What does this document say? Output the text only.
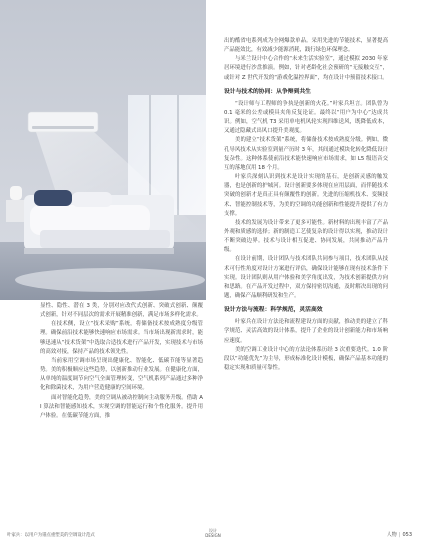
显性、隐性、潜在 3 类，分别对应改代式创新、突破式创新、颠覆式创新，针对不同层次的需求开展精准创新，满足市场多样化需求。

在技术侧，设立“技术采购”系统，将储备技术按成熟度分级管理。确保前沿技术能够快速响应市场需求。当市场出现新需求时，能够迅速从“技术货架”中选取合适技术进行产品开发，实现技术与市场的高效对接，保持产品的技术领先性。

当前家用空调市场呈现出健康化、智能化、低碳节能等显著趋势。美的积极顺应这些趋势，以创新推动行业发展。在健康化方面，从单纯的温度调节向空气全面管理转变，空气机系列产品通过多种净化和除菌技术，为用户营造健康的空间环境。

面对智能化趋势，美的空调从被动控制向主动服务升级。借助 AI 算法和智能感知技术，实现空调的智能运行和个性化服务。提升用户体验。在低碳节能方面，推

出的酷省电系列成为全网爆款单品。采用先进的节能技术，显著提高产品能效比，有效减少能源消耗，践行绿色环保理念。

与米兰设计中心合作的“未来生活实验室”，通过模拟 2030 年家居环境进行沙盘推演。例如，针对老龄化社会预研的“无接触交互”，或针对 Z 世代开发的“游戏化温控界面”，均在设计中预留技术接口。

设计与技术的协同：从争辩到共生

“设计师与工程师的争执是创新的火花。”叶家兵坦言。团队曾为 0.1 毫米的公差或模具夹角反复论证。最终以“用户为中心”达成共识。例如，空气机 T3 采用单电机风轮实现四维送风，既降低成本，又通过隐藏式出风口提升美观度。

美的建立“技术货架”系统，将储备技术按成熟度分级。例如，微孔导风技术从实验室到量产历时 3 年，其间通过模块化转化降低设计复杂性。这种体系使前沿技术能快速响应市场需求，如 L5 级语音交互的落地仅用 18 个月。

叶家兵深刻认识到技术是设计实现的基石，是创新灵感的触发器，也是创新的护城河。设计创新要多体现在应用层面，而伴随技术突破的创新才是真正具有颠覆性的创新。先进的压缩机技术、变频技术、智能控制技术等，为美的空调的功能创新和性能提升提供了有力支撑。

技术的发展为设计带来了更多可能性。新材料的出现丰富了产品外观和质感的选择；新的制造工艺使复杂的设计得以实现，推动设计不断突破边界。技术与设计相互促进、协同发展，共同推动产品升级。

在设计前期，设计团队与技术团队共同参与项目，技术团队从技术可行性角度对设计方案进行评估，确保设计能够在现有技术条件下实现。设计团队则从用户体验和美学角度出发，为技术创新提供方向和思路。在产品开发过程中，双方保持密切沟通，及时解决出现的问题，确保产品顺利研发和生产。

设计方法与流程：科学规范，灵活高效

叶家兵在设计方法论和流程建设方面的贡献，推动美的建立了科学规范、灵活高效的设计体系，提升了企业的设计创新能力和市场响应速度。

美的空调工业设计中心的方法论体系历经 3 次重要迭代。1.0 阶段以“功能优先”为主导，形成标准化设计模板，确保产品基本功能的稳定实现和质量可靠性。

叶家兵：以用户为锚点重塑美的空调设计范式
设计
DESIGN	人物 | 053
